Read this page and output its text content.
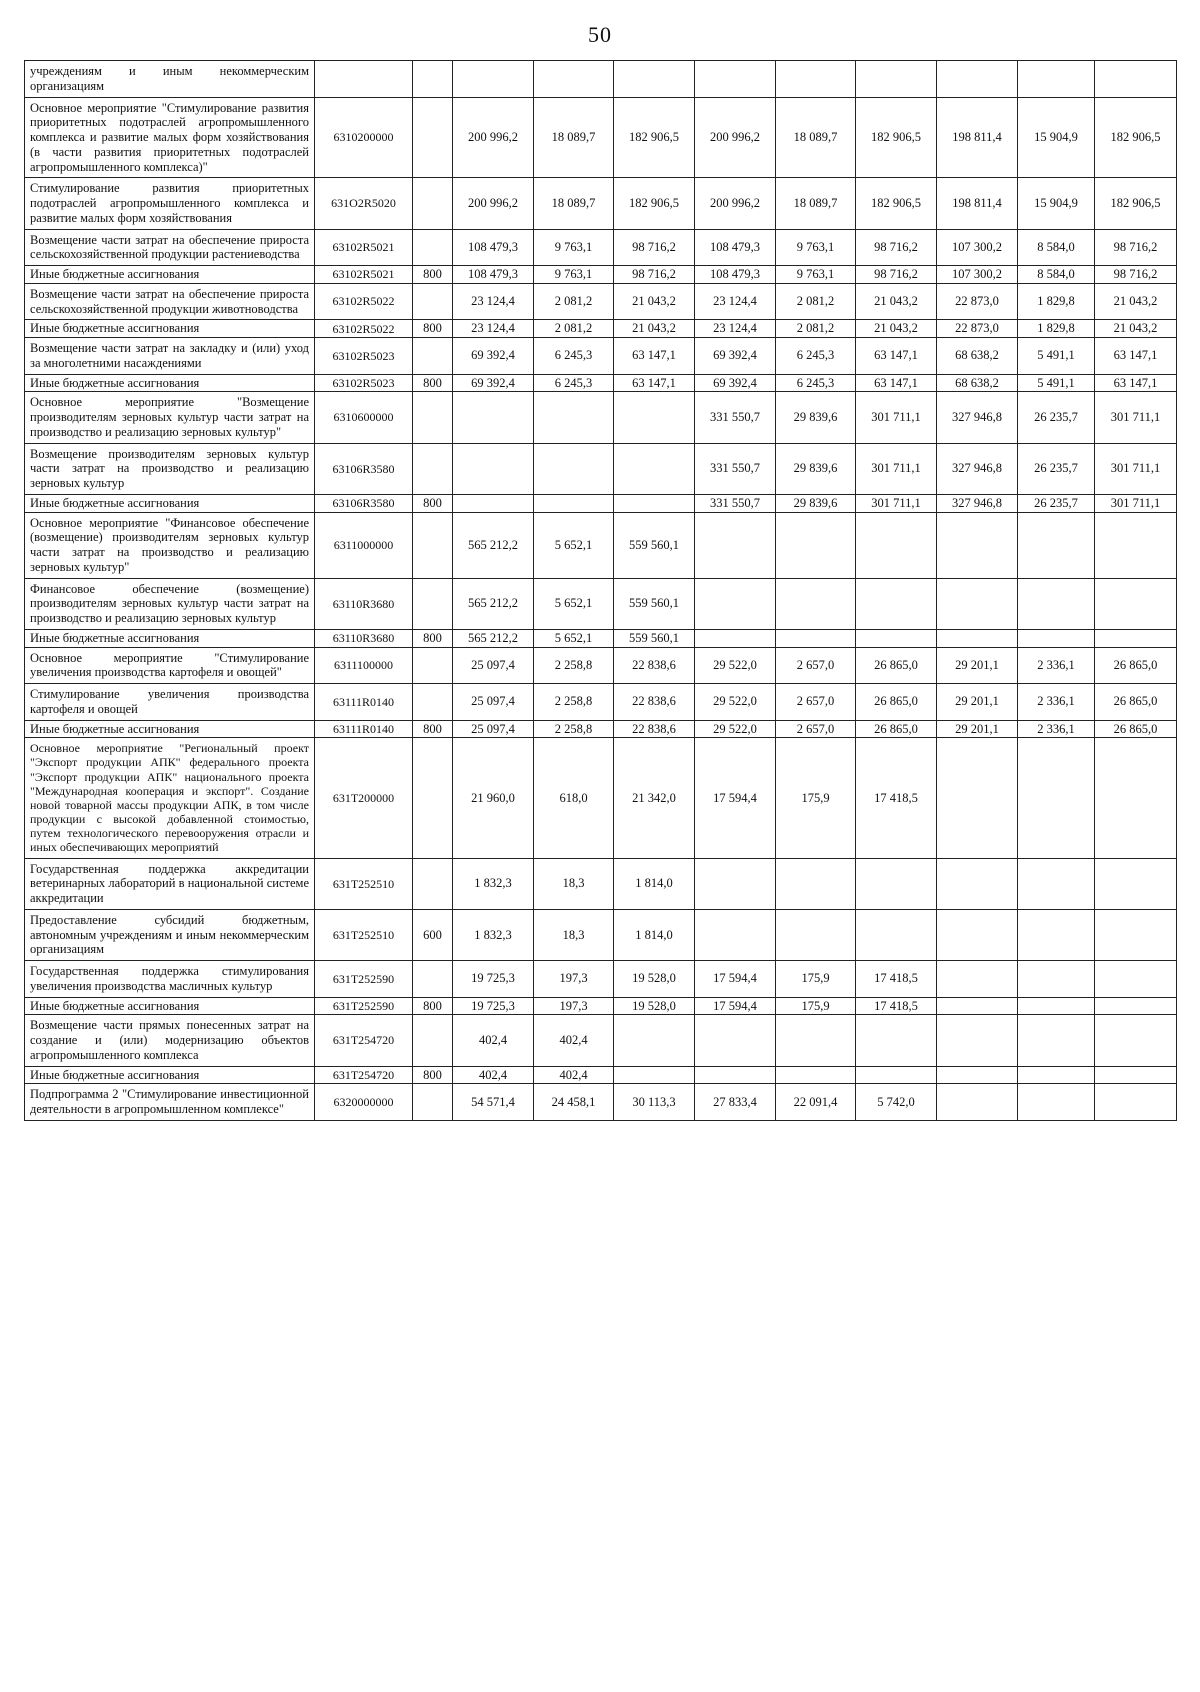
50
учреждениям и иным некоммерческим организациям											
Основное мероприятие "Стимулирование развития приоритетных подотраслей агропромышленного комплекса и развитие малых форм хозяйствования (в части развития приоритетных подотраслей агропромышленного комплекса)"	6310200000		200 996,2	18 089,7	182 906,5	200 996,2	18 089,7	182 906,5	198 811,4	15 904,9	182 906,5
Стимулирование развития приоритетных подотраслей агропромышленного комплекса и развитие малых форм хозяйствования	631O2R5020		200 996,2	18 089,7	182 906,5	200 996,2	18 089,7	182 906,5	198 811,4	15 904,9	182 906,5
Возмещение части затрат на обеспечение прироста сельскохозяйственной продукции растениеводства	63102R5021		108 479,3	9 763,1	98 716,2	108 479,3	9 763,1	98 716,2	107 300,2	8 584,0	98 716,2
Иные бюджетные ассигнования	63102R5021	800	108 479,3	9 763,1	98 716,2	108 479,3	9 763,1	98 716,2	107 300,2	8 584,0	98 716,2
Возмещение части затрат на обеспечение прироста сельскохозяйственной продукции животноводства	63102R5022		23 124,4	2 081,2	21 043,2	23 124,4	2 081,2	21 043,2	22 873,0	1 829,8	21 043,2
Иные бюджетные ассигнования	63102R5022	800	23 124,4	2 081,2	21 043,2	23 124,4	2 081,2	21 043,2	22 873,0	1 829,8	21 043,2
Возмещение части затрат на закладку и (или) уход за многолетними насаждениями	63102R5023		69 392,4	6 245,3	63 147,1	69 392,4	6 245,3	63 147,1	68 638,2	5 491,1	63 147,1
Иные бюджетные ассигнования	63102R5023	800	69 392,4	6 245,3	63 147,1	69 392,4	6 245,3	63 147,1	68 638,2	5 491,1	63 147,1
Основное мероприятие "Возмещение производителям зерновых культур части затрат на производство и реализацию зерновых культур"	6310600000					331 550,7	29 839,6	301 711,1	327 946,8	26 235,7	301 711,1
Возмещение производителям зерновых культур части затрат на производство и реализацию зерновых культур	63106R3580					331 550,7	29 839,6	301 711,1	327 946,8	26 235,7	301 711,1
Иные бюджетные ассигнования	63106R3580	800				331 550,7	29 839,6	301 711,1	327 946,8	26 235,7	301 711,1
Основное мероприятие "Финансовое обеспечение (возмещение) производителям зерновых культур части затрат на производство и реализацию зерновых культур"	6311000000		565 212,2	5 652,1	559 560,1						
Финансовое обеспечение (возмещение) производителям зерновых культур части затрат на производство и реализацию зерновых культур	63110R3680		565 212,2	5 652,1	559 560,1						
Иные бюджетные ассигнования	63110R3680	800	565 212,2	5 652,1	559 560,1						
Основное мероприятие "Стимулирование увеличения производства картофеля и овощей"	6311100000		25 097,4	2 258,8	22 838,6	29 522,0	2 657,0	26 865,0	29 201,1	2 336,1	26 865,0
Стимулирование увеличения производства картофеля и овощей	63111R0140		25 097,4	2 258,8	22 838,6	29 522,0	2 657,0	26 865,0	29 201,1	2 336,1	26 865,0
Иные бюджетные ассигнования	63111R0140	800	25 097,4	2 258,8	22 838,6	29 522,0	2 657,0	26 865,0	29 201,1	2 336,1	26 865,0
Основное мероприятие "Региональный проект "Экспорт продукции АПК" федерального проекта "Экспорт продукции АПК" национального проекта "Международная кооперация и экспорт". Создание новой товарной массы продукции АПК, в том числе продукции с высокой добавленной стоимостью, путем технологического перевооружения отрасли и иных обеспечивающих мероприятий	631T200000		21 960,0	618,0	21 342,0	17 594,4	175,9	17 418,5			
Государственная поддержка аккредитации ветеринарных лабораторий в национальной системе аккредитации	631T252510		1 832,3	18,3	1 814,0						
Предоставление субсидий бюджетным, автономным учреждениям и иным некоммерческим организациям	631T252510	600	1 832,3	18,3	1 814,0						
Государственная поддержка стимулирования увеличения производства масличных культур	631T252590		19 725,3	197,3	19 528,0	17 594,4	175,9	17 418,5			
Иные бюджетные ассигнования	631T252590	800	19 725,3	197,3	19 528,0	17 594,4	175,9	17 418,5			
Возмещение части прямых понесенных затрат на создание и (или) модернизацию объектов агропромышленного комплекса	631T254720		402,4	402,4							
Иные бюджетные ассигнования	631T254720	800	402,4	402,4							
Подпрограмма 2 "Стимулирование инвестиционной деятельности в агропромышленном комплексе"	6320000000		54 571,4	24 458,1	30 113,3	27 833,4	22 091,4	5 742,0			
